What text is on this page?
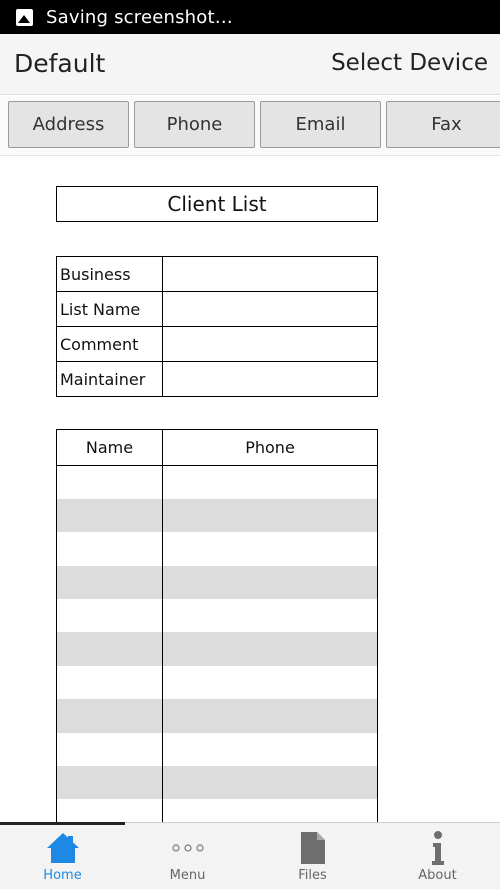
Saving screenshot…
Default	Select Device
Address	Phone	Email	Fax
Client List
Business	
List Name	
Comment	
Maintainer	
Name	Phone

Home	Menu	Files	About
